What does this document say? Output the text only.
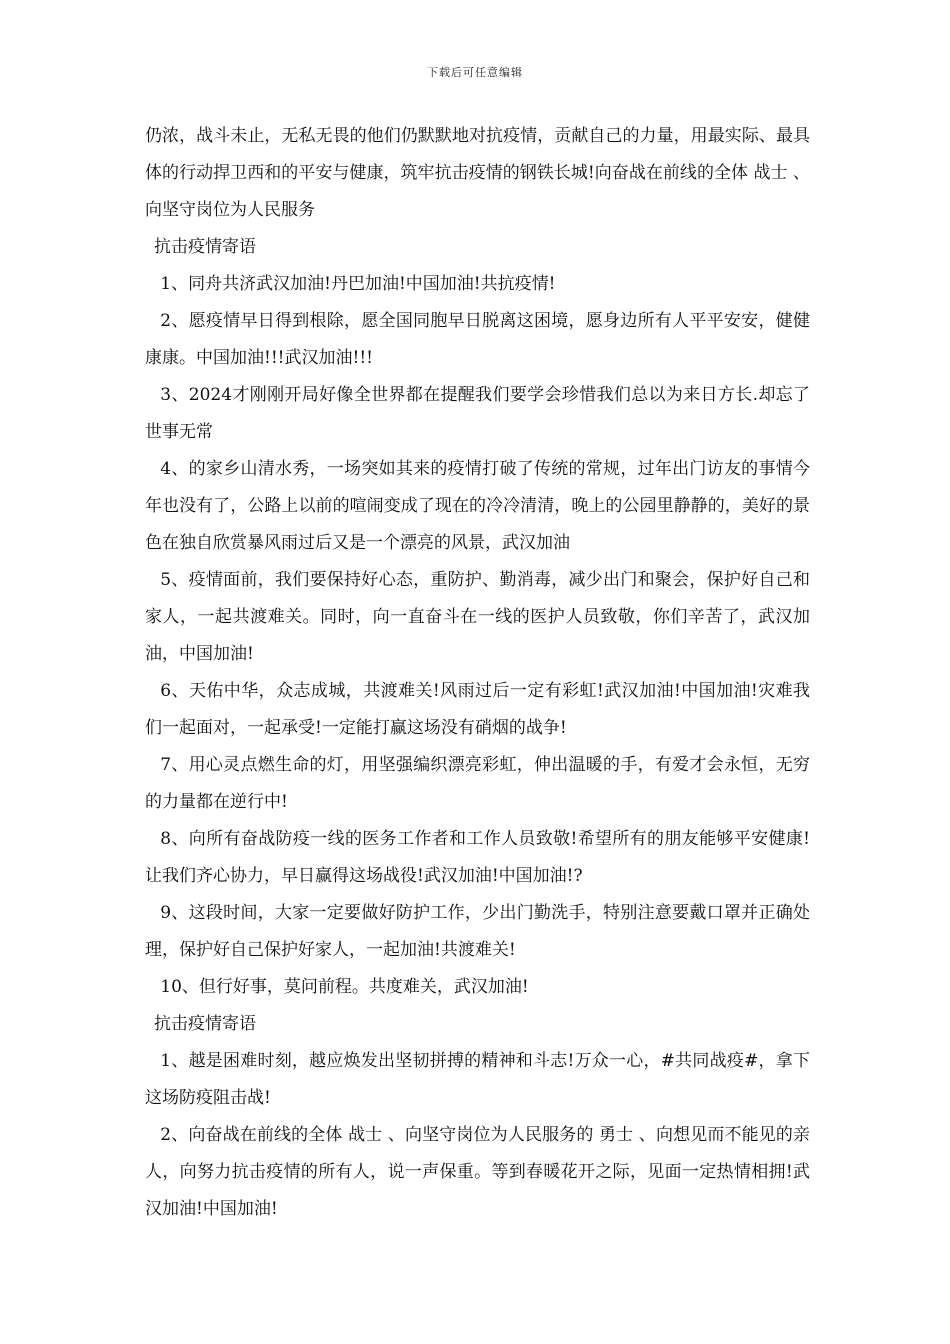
下载后可任意编辑

仍浓，战斗未止，无私无畏的他们仍默默地对抗疫情，贡献自己的力量，用最实际、最具体的行动捍卫西和的平安与健康，筑牢抗击疫情的钢铁长城!向奋战在前线的全体 战士 、向坚守岗位为人民服务

抗击疫情寄语

1、同舟共济武汉加油!丹巴加油!中国加油!共抗疫情!

2、愿疫情早日得到根除，愿全国同胞早日脱离这困境，愿身边所有人平平安安，健健康康。中国加油!!!武汉加油!!!

3、2024才刚刚开局好像全世界都在提醒我们要学会珍惜我们总以为来日方长.却忘了世事无常

4、的家乡山清水秀，一场突如其来的疫情打破了传统的常规，过年出门访友的事情今年也没有了，公路上以前的喧闹变成了现在的冷冷清清，晚上的公园里静静的，美好的景色在独自欣赏暴风雨过后又是一个漂亮的风景，武汉加油

5、疫情面前，我们要保持好心态，重防护、勤消毒，减少出门和聚会，保护好自己和家人，一起共渡难关。同时，向一直奋斗在一线的医护人员致敬，你们辛苦了，武汉加油，中国加油!

6、天佑中华，众志成城，共渡难关!风雨过后一定有彩虹!武汉加油!中国加油!灾难我们一起面对，一起承受!一定能打赢这场没有硝烟的战争!

7、用心灵点燃生命的灯，用坚强编织漂亮彩虹，伸出温暖的手，有爱才会永恒，无穷的力量都在逆行中!

8、向所有奋战防疫一线的医务工作者和工作人员致敬!希望所有的朋友能够平安健康!让我们齐心协力，早日赢得这场战役!武汉加油!中国加油!?

9、这段时间，大家一定要做好防护工作，少出门勤洗手，特别注意要戴口罩并正确处理，保护好自己保护好家人，一起加油!共渡难关!

10、但行好事，莫问前程。共度难关，武汉加油!

抗击疫情寄语

1、越是困难时刻，越应焕发出坚韧拼搏的精神和斗志!万众一心，#共同战疫#，拿下这场防疫阻击战!

2、向奋战在前线的全体 战士 、向坚守岗位为人民服务的 勇士 、向想见而不能见的亲人，向努力抗击疫情的所有人，说一声保重。等到春暖花开之际，见面一定热情相拥!武汉加油!中国加油!
